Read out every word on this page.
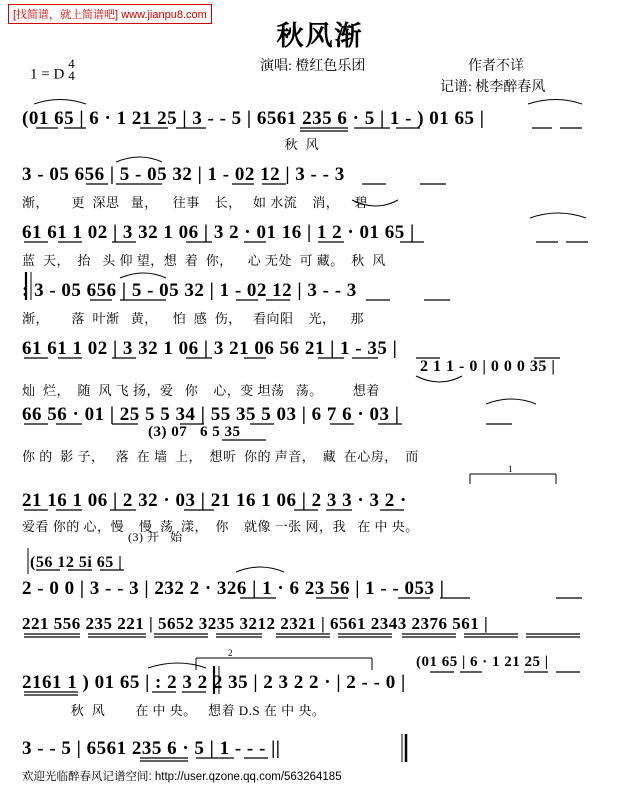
[找简谱，就上简谱吧] www.jianpu8.com
秋风渐
演唱: 橙红色乐团	作者不详
记谱: 桃李醉春风
1 = D
4
4
(01 65 | 6 · 1 21 25 | 3 - - 5 | 6561 235 6 · 5 | 1 - ) 01 65 |
秋  风
3 - 05 656 | 5 - 05 32 | 1 - 02 12 | 3 - - 3
渐，      更  深思   量，    往事    长，   如 水流    消，    碧
61 61 1 02 | 3 32 1 06 | 3 2 · 01 16 | 1 2 · 01 65 |
蓝  天，  抬   头 仰 望，想  着  你，    心 无处  可 藏。  秋  风
: 3 - 05 656 | 5 - 05 32 | 1 - 02 12 | 3 - - 3
渐，      落  叶渐   黄，    怕  感  伤，   看向阳    光，    那
61 61 1 02 | 3 32 1 06 | 3 21 06 56 21 | 1 - 35 |
2 1 1 - 0 | 0 0 0 35 |
灿  烂，  随  风 飞 扬，爱   你    心，变 坦荡   荡。        想着
66 56 · 01 | 25 5 5 34 | 55 35 5 03 | 6 7 6 · 03 |
(3) 07   6 5 35
你 的  影 子，   落  在 墙  上，  想听  你的 声音，  藏  在心房，  而
21 16 1 06 | 2 32 · 03 | 21 16 1 06 | 2 3 3 · 3 2 ·
爱看 你的 心，慢    慢  荡  漾，  你    就像 一张 网，我   在 中 央。
(3) 开   始
(56 12 5i 65 |
2 - 0 0 | 3 - - 3 | 232 2 · 326 | 1 · 6 23 56 | 1 - - 053 |
221 556 235 221 | 5652 3235 3212 2321 | 6561 2343 2376 561 |
2161 1 ) 01 65 | : 2 3 2 2 35 | 2 3 2 2 · | 2 - - 0 |
(01 65 | 6 · 1 21 25 |
秋  风        在 中 央。   想着 D.S 在 中 央。
3 - - 5 | 6561 235 6 · 5 | 1 - - - ||
欢迎光临醉春风记谱空间: http://user.qzone.qq.com/563264185
1
2
